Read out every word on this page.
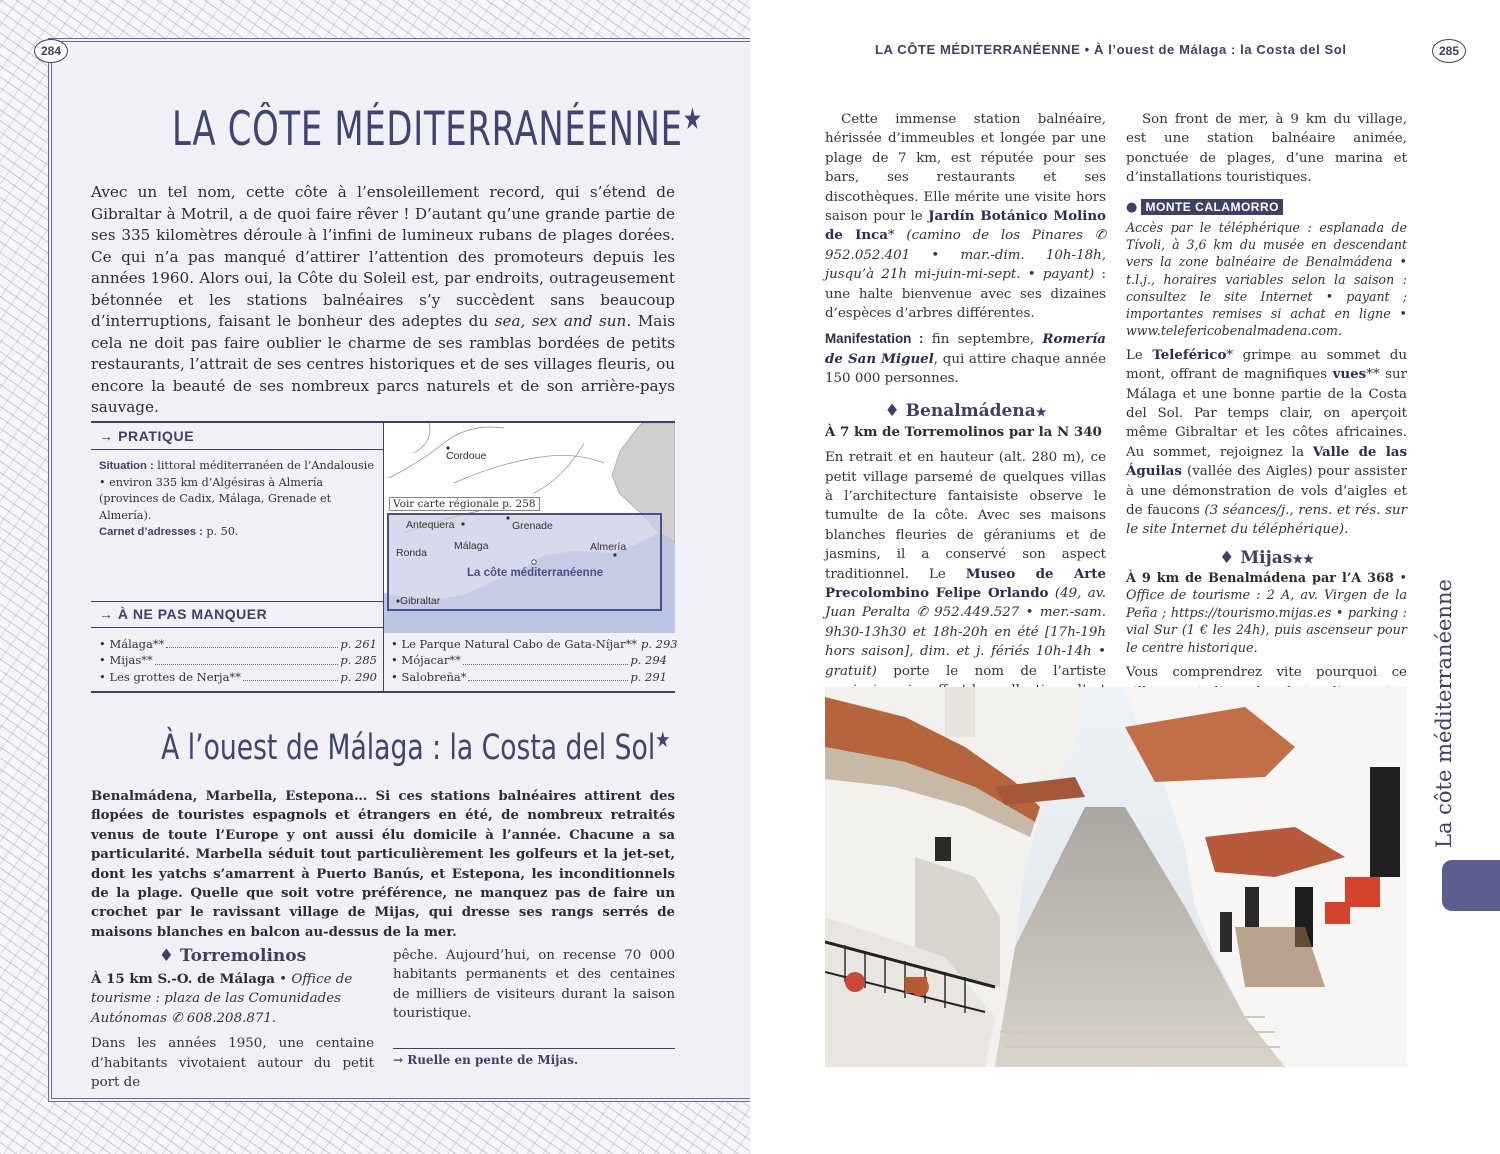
284
LA CÔTE MÉDITERRANÉENNE★
Avec un tel nom, cette côte à l’ensoleillement record, qui s’étend de Gibraltar à Motril, a de quoi faire rêver ! D’autant qu’une grande partie de ses 335 kilomètres déroule à l’infini de lumineux rubans de plages dorées. Ce qui n’a pas manqué d’attirer l’attention des promoteurs depuis les années 1960. Alors oui, la Côte du Soleil est, par endroits, outrageusement bétonnée et les stations balnéaires s’y succèdent sans beaucoup d’interruptions, faisant le bonheur des adeptes du sea, sex and sun. Mais cela ne doit pas faire oublier le charme de ses ramblas bordées de petits restaurants, l’attrait de ses centres historiques et de ses villages fleuris, ou encore la beauté de ses nombreux parcs naturels et de son arrière-pays sauvage.
→ PRATIQUE
Situation : littoral méditerranéen de l’Andalousie • environ 335 km d’Algésiras à Almería (provinces de Cadix, Málaga, Grenade et Almería).
Carnet d’adresses : p. 50.
→ À NE PAS MANQUER
Cordoue
Voir carte régionale p. 258
Antequera	Grenade
Ronda
Málaga	Almería
La côte méditerranéenne
Gibraltar
• Málaga**	p. 261
• Mijas**	p. 285
• Les grottes de Nerja**	p. 290
• Le Parque Natural Cabo de Gata-Níjar** p. 293
• Mójacar**	p. 294
• Salobreña*	p. 291
À l’ouest de Málaga : la Costa del Sol★
Benalmádena, Marbella, Estepona… Si ces stations balnéaires attirent des flopées de touristes espagnols et étrangers en été, de nombreux retraités venus de toute l’Europe y ont aussi élu domicile à l’année. Chacune a sa particularité. Marbella séduit tout particulièrement les golfeurs et la jet-set, dont les yatchs s’amarrent à Puerto Banús, et Estepona, les inconditionnels de la plage. Quelle que soit votre préférence, ne manquez pas de faire un crochet par le ravissant village de Mijas, qui dresse ses rangs serrés de maisons blanches en balcon au-dessus de la mer.
♦ Torremolinos
À 15 km S.-O. de Málaga • Office de tourisme : plaza de las Comunidades Autónomas ✆ 608.208.871.
Dans les années 1950, une centaine d’habitants vivotaient autour du petit port de
pêche. Aujourd’hui, on recense 70 000 habitants permanents et des centaines de milliers de visiteurs durant la saison touristique.
→ Ruelle en pente de Mijas.
LA CÔTE MÉDITERRANÉENNE • À l’ouest de Málaga : la Costa del Sol	285
Cette immense station balnéaire, hérissée d’immeubles et longée par une plage de 7 km, est réputée pour ses bars, ses restaurants et ses discothèques. Elle mérite une visite hors saison pour le Jardín Botánico Molino de Inca* (camino de los Pinares ✆ 952.052.401 • mar.-dim. 10h-18h, jusqu’à 21h mi-juin-mi-sept. • payant) : une halte bienvenue avec ses dizaines d’espèces d’arbres différentes.
Manifestation : fin septembre, Romería de San Miguel, qui attire chaque année 150 000 personnes.
♦ Benalmádena★
À 7 km de Torremolinos par la N 340
En retrait et en hauteur (alt. 280 m), ce petit village parsemé de quelques villas à l’architecture fantaisiste observe le tumulte de la côte. Avec ses maisons blanches fleuries de géraniums et de jasmins, il a conservé son aspect traditionnel. Le Museo de Arte Precolombino Felipe Orlando (49, av. Juan Peralta ✆ 952.449.527 • mer.-sam. 9h30-13h30 et 18h-20h en été [17h-19h hors saison], dim. et j. fériés 10h-14h • gratuit) porte le nom de l’artiste
Son front de mer, à 9 km du village, est une station balnéaire animée, ponctuée de plages, d’une marina et d’installations touristiques.
● MONTE CALAMORRO
Accès par le téléphérique : esplanada de Tívoli, à 3,6 km du musée en descendant vers la zone balnéaire de Benalmádena • t.l.j., horaires variables selon la saison : consultez le site Internet • payant ; importantes remises si achat en ligne • www.telefericobenalmadena.com.
Le Teleférico* grimpe au sommet du mont, offrant de magnifiques vues** sur Málaga et une bonne partie de la Costa del Sol. Par temps clair, on aperçoit même Gibraltar et les côtes africaines. Au sommet, rejoignez la Valle de las Águilas (vallée des Aigles) pour assister à une démonstration de vols d’aigles et de faucons (3 séances/j., rens. et rés. sur le site Internet du téléphérique).
♦ Mijas★★
À 9 km de Benalmádena par l’A 368 • Office de tourisme : 2 A, av. Virgen de la Peña ; https://tourismo.mijas.es • parking : vial Sur (1 € les 24h), puis ascenseur pour le centre historique.
Vous comprendrez vite pourquoi ce La côte méditerranéenne
